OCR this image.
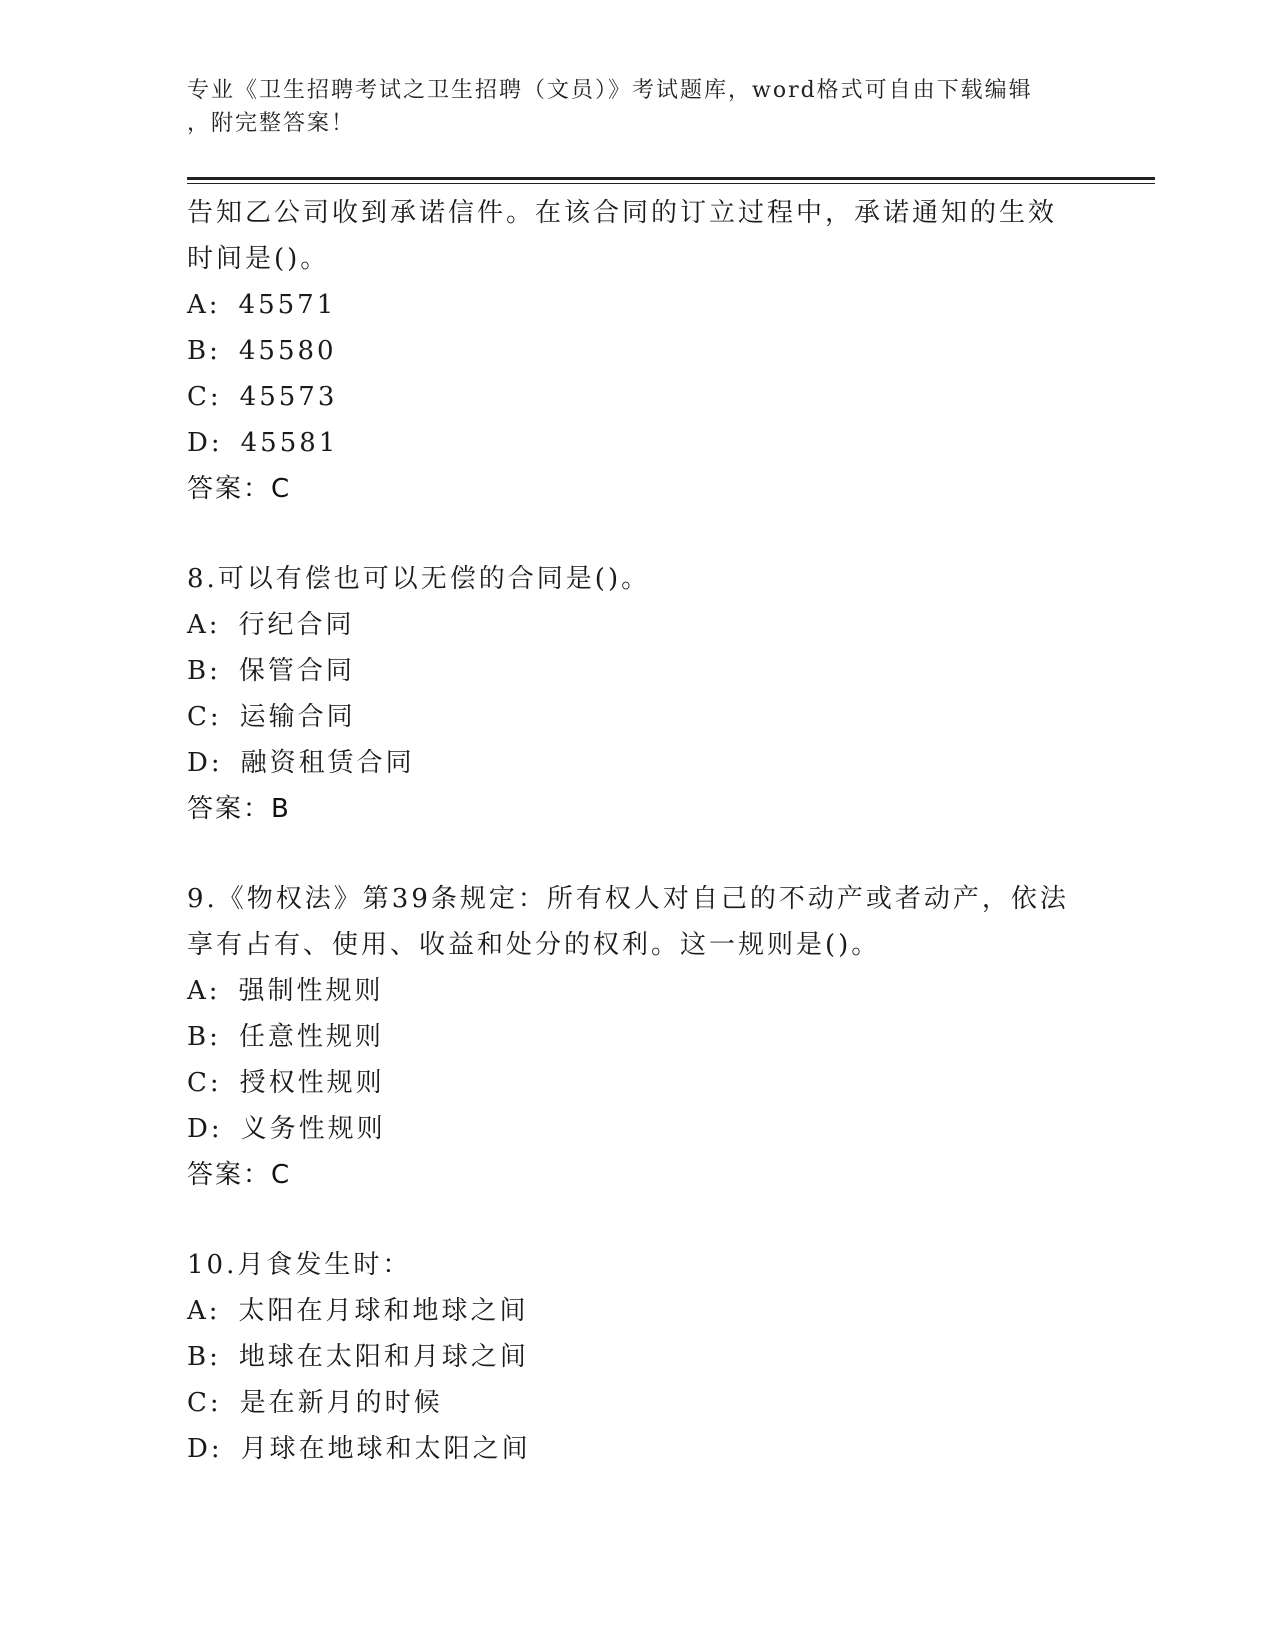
专业《卫生招聘考试之卫生招聘（文员）》考试题库，word格式可自由下载编辑
，附完整答案！
告知乙公司收到承诺信件。在该合同的订立过程中，承诺通知的生效
时间是()。
A: 45571
B: 45580
C: 45573
D: 45581
答案：C
8.可以有偿也可以无偿的合同是()。
A: 行纪合同
B: 保管合同
C: 运输合同
D: 融资租赁合同
答案：B
9.《物权法》第39条规定：所有权人对自己的不动产或者动产，依法
享有占有、使用、收益和处分的权利。这一规则是()。
A: 强制性规则
B: 任意性规则
C: 授权性规则
D: 义务性规则
答案：C
10.月食发生时：
A: 太阳在月球和地球之间
B: 地球在太阳和月球之间
C: 是在新月的时候
D: 月球在地球和太阳之间
